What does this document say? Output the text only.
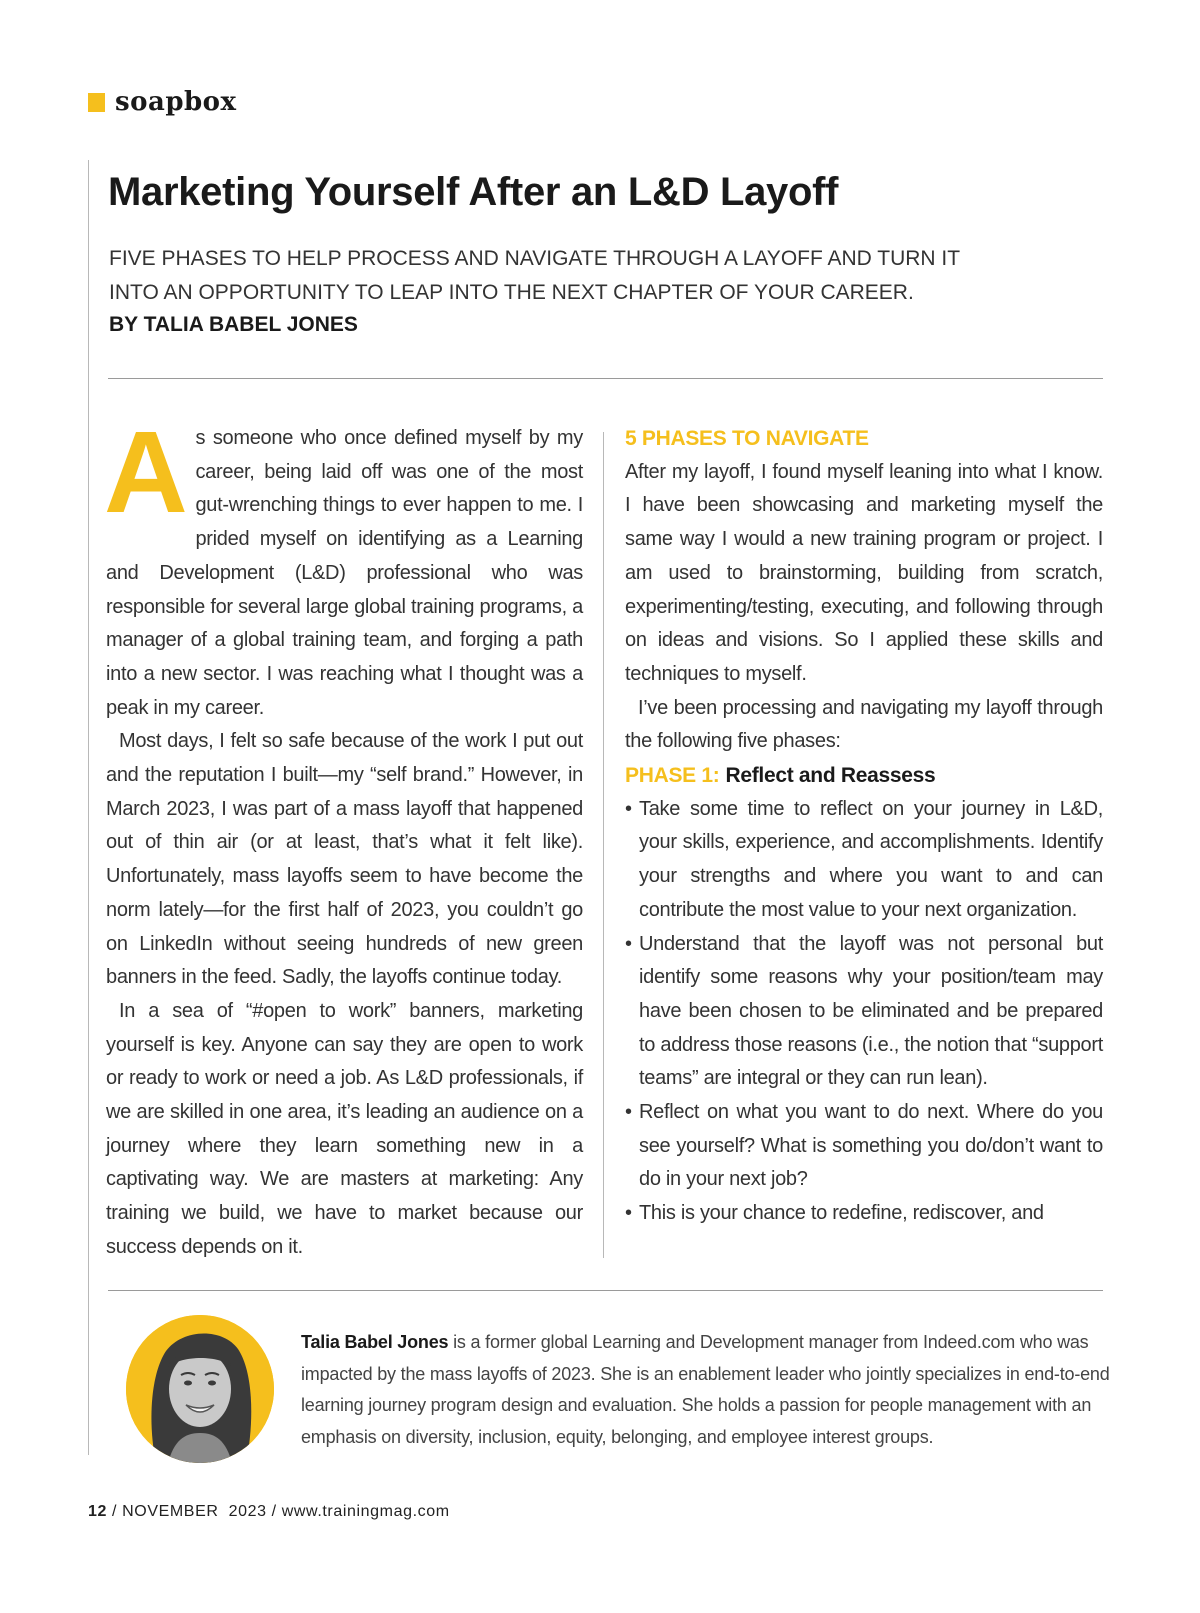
soapbox
Marketing Yourself After an L&D Layoff

FIVE PHASES TO HELP PROCESS AND NAVIGATE THROUGH A LAYOFF AND TURN IT INTO AN OPPORTUNITY TO LEAP INTO THE NEXT CHAPTER OF YOUR CAREER.

BY TALIA BABEL JONES

As someone who once defined myself by my career, being laid off was one of the most gut-wrenching things to ever happen to me. I prided myself on identifying as a Learning and Development (L&D) professional who was responsible for several large global training programs, a manager of a global training team, and forging a path into a new sector. I was reaching what I thought was a peak in my career.

Most days, I felt so safe because of the work I put out and the reputation I built—my “self brand.” However, in March 2023, I was part of a mass layoff that happened out of thin air (or at least, that’s what it felt like). Unfortunately, mass layoffs seem to have become the norm lately—for the first half of 2023, you couldn’t go on LinkedIn without seeing hundreds of new green banners in the feed. Sadly, the layoffs continue today.

In a sea of “#open to work” banners, marketing yourself is key. Anyone can say they are open to work or ready to work or need a job. As L&D professionals, if we are skilled in one area, it’s leading an audience on a journey where they learn something new in a captivating way. We are masters at marketing: Any training we build, we have to market because our success depends on it.

5 PHASES TO NAVIGATE

After my layoff, I found myself leaning into what I know. I have been showcasing and marketing myself the same way I would a new training program or project. I am used to brainstorming, building from scratch, experimenting/testing, executing, and following through on ideas and visions. So I applied these skills and techniques to myself.

I’ve been processing and navigating my layoff through the following five phases:

PHASE 1: Reflect and Reassess

• Take some time to reflect on your journey in L&D, your skills, experience, and accomplishments. Identify your strengths and where you want to and can contribute the most value to your next organization.
• Understand that the layoff was not personal but identify some reasons why your position/team may have been chosen to be eliminated and be prepared to address those reasons (i.e., the notion that “support teams” are integral or they can run lean).
• Reflect on what you want to do next. Where do you see yourself? What is something you do/don’t want to do in your next job?
• This is your chance to redefine, rediscover, and

Talia Babel Jones is a former global Learning and Development manager from Indeed.com who was impacted by the mass layoffs of 2023. She is an enablement leader who jointly specializes in end-to-end learning journey program design and evaluation. She holds a passion for people management with an emphasis on diversity, inclusion, equity, belonging, and employee interest groups.

12 / NOVEMBER  2023 / www.trainingmag.com
